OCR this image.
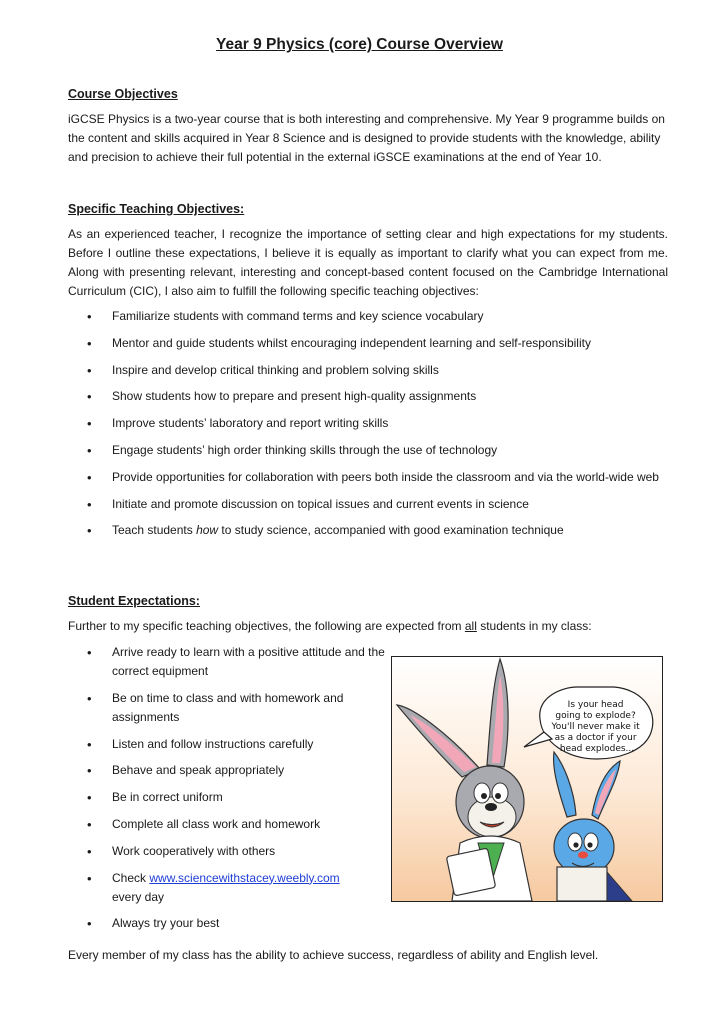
Year 9 Physics (core) Course Overview
Course Objectives
iGCSE Physics is a two-year course that is both interesting and comprehensive. My Year 9 programme builds on the content and skills acquired in Year 8 Science and is designed to provide students with the knowledge, ability and precision to achieve their full potential in the external iGSCE examinations at the end of Year 10.
Specific Teaching Objectives:
As an experienced teacher, I recognize the importance of setting clear and high expectations for my students. Before I outline these expectations, I believe it is equally as important to clarify what you can expect from me. Along with presenting relevant, interesting and concept-based content focused on the Cambridge International Curriculum (CIC), I also aim to fulfill the following specific teaching objectives:
• Familiarize students with command terms and key science vocabulary
• Mentor and guide students whilst encouraging independent learning and self-responsibility
• Inspire and develop critical thinking and problem solving skills
• Show students how to prepare and present high-quality assignments
• Improve students’ laboratory and report writing skills
• Engage students’ high order thinking skills through the use of technology
• Provide opportunities for collaboration with peers both inside the classroom and via the world-wide web
• Initiate and promote discussion on topical issues and current events in science
• Teach students how to study science, accompanied with good examination technique
Student Expectations:
Further to my specific teaching objectives, the following are expected from all students in my class:
• Arrive ready to learn with a positive attitude and the correct equipment
• Be on time to class and with homework and assignments
• Listen and follow instructions carefully
• Behave and speak appropriately
• Be in correct uniform
• Complete all class work and homework
• Work cooperatively with others
• Check www.sciencewithstacey.weebly.com
every day
• Always try your best
Is your head going to explode? You'll never make it as a doctor if your head explodes...
Every member of my class has the ability to achieve success, regardless of ability and English level.
